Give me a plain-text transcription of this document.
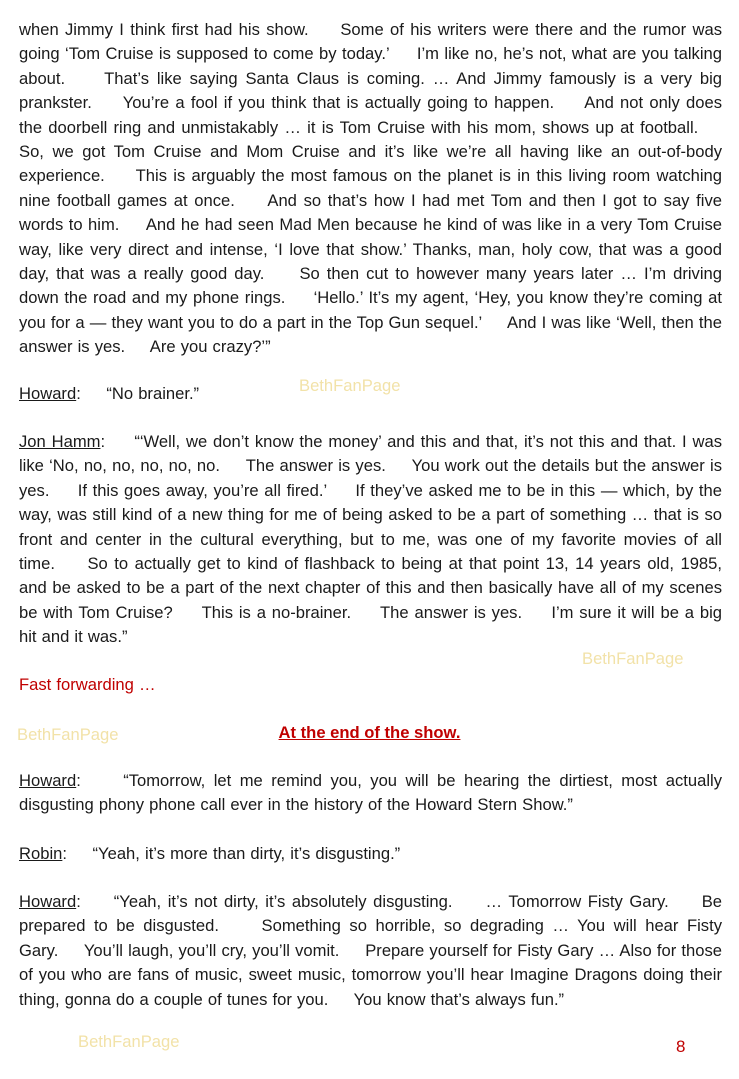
when Jimmy I think first had his show.     Some of his writers were there and the rumor was going ‘Tom Cruise is supposed to come by today.’     I’m like no, he’s not, what are you talking about.     That’s like saying Santa Claus is coming. … And Jimmy famously is a very big prankster.     You’re a fool if you think that is actually going to happen.     And not only does the doorbell ring and unmistakably … it is Tom Cruise with his mom, shows up at football.     So, we got Tom Cruise and Mom Cruise and it’s like we’re all having like an out-of-body experience.     This is arguably the most famous on the planet is in this living room watching nine football games at once.     And so that’s how I had met Tom and then I got to say five words to him.     And he had seen Mad Men because he kind of was like in a very Tom Cruise way, like very direct and intense, ‘I love that show.’ Thanks, man, holy cow, that was a good day, that was a really good day.     So then cut to however many years later … I’m driving down the road and my phone rings.     ‘Hello.’ It’s my agent, ‘Hey, you know they’re coming at you for a — they want you to do a part in the Top Gun sequel.’     And I was like ‘Well, then the answer is yes.     Are you crazy?’”

Howard:     “No brainer.”

Jon Hamm:     “‘Well, we don’t know the money’ and this and that, it’s not this and that. I was like ‘No, no, no, no, no, no.     The answer is yes.     You work out the details but the answer is yes.     If this goes away, you’re all fired.’     If they’ve asked me to be in this — which, by the way, was still kind of a new thing for me of being asked to be a part of something … that is so front and center in the cultural everything, but to me, was one of my favorite movies of all time.     So to actually get to kind of flashback to being at that point 13, 14 years old, 1985, and be asked to be a part of the next chapter of this and then basically have all of my scenes be with Tom Cruise?     This is a no-brainer.     The answer is yes.     I’m sure it will be a big hit and it was.”

Fast forwarding …

At the end of the show.

Howard:     “Tomorrow, let me remind you, you will be hearing the dirtiest, most actually disgusting phony phone call ever in the history of the Howard Stern Show.”

Robin:     “Yeah, it’s more than dirty, it’s disgusting.”

Howard:     “Yeah, it’s not dirty, it’s absolutely disgusting.     … Tomorrow Fisty Gary.     Be prepared to be disgusted.     Something so horrible, so degrading … You will hear Fisty Gary.     You’ll laugh, you’ll cry, you’ll vomit.     Prepare yourself for Fisty Gary … Also for those of you who are fans of music, sweet music, tomorrow you’ll hear Imagine Dragons doing their thing, gonna do a couple of tunes for you.     You know that’s always fun.”

BethFanPage
BethFanPage
BethFanPage
BethFanPage	8
